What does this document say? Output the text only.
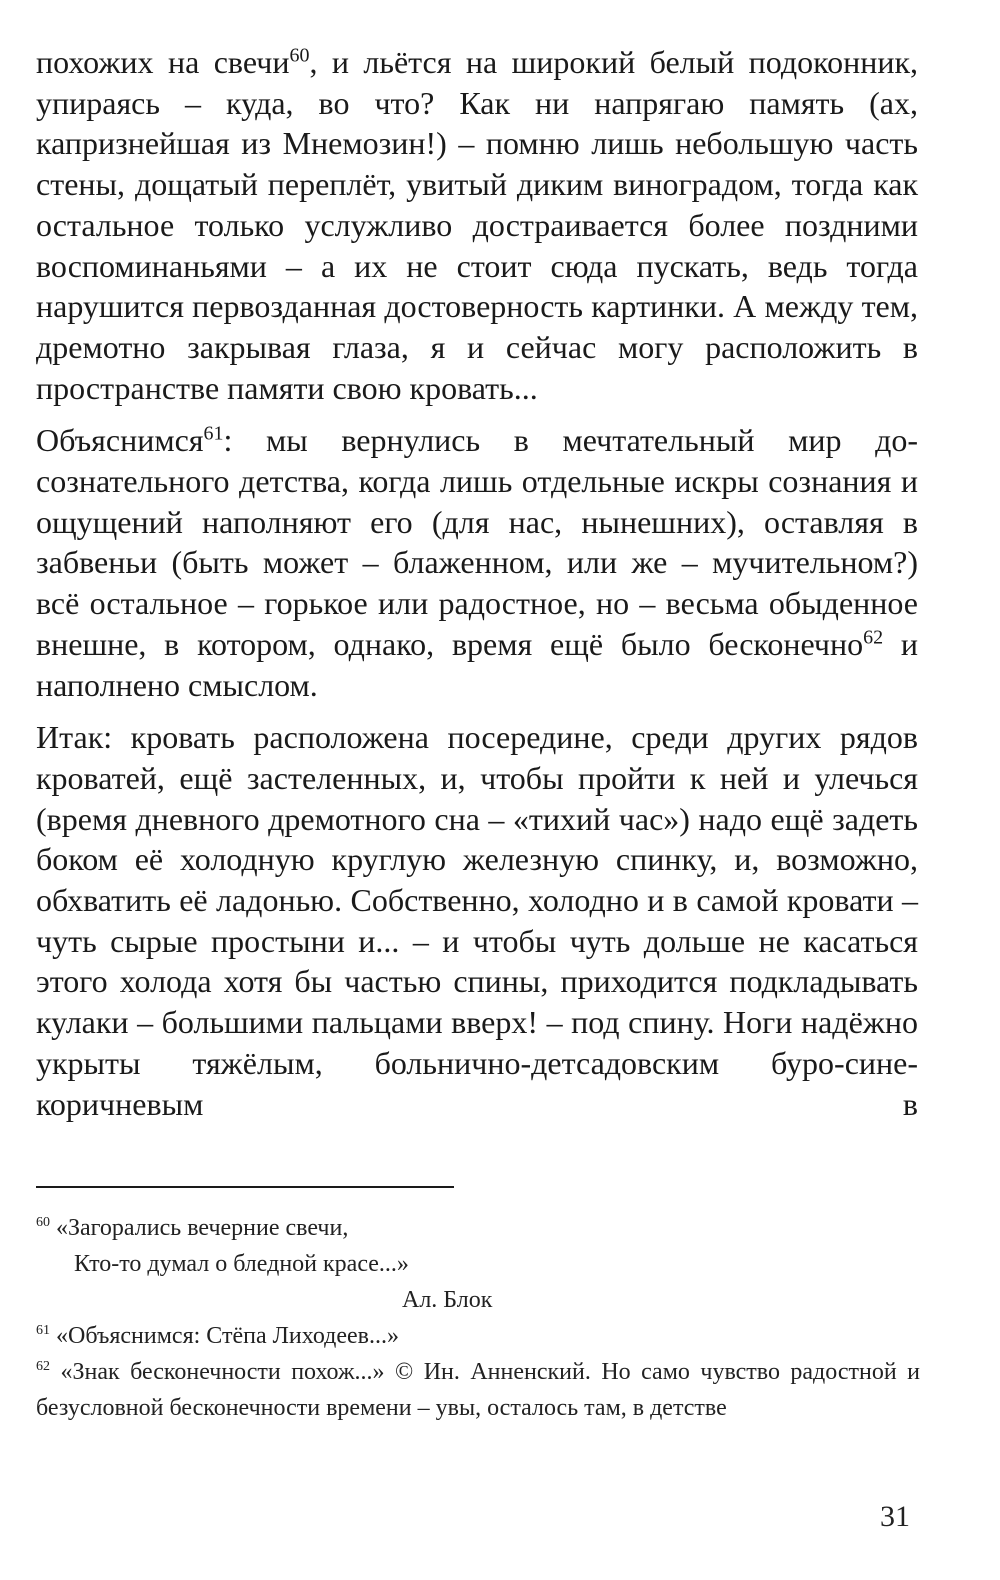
похожих на свечи$^{60}$, и льётся на широкий белый подоконник, упираясь – куда, во что? Как ни напрягаю память (ах, капризнейшая из Мнемозин!) – помню лишь небольшую часть стены, дощатый переплёт, увитый диким виноградом, тогда как остальное только услужливо достраивается более поздними воспоминаньями – а их не стоит сюда пускать, ведь тогда нарушится первозданная достоверность картинки. А между тем, дремотно закрывая глаза, я и сейчас могу расположить в пространстве памяти свою кровать...

Объяснимся$^{61}$: мы вернулись в мечтательный мир до-сознательного детства, когда лишь отдельные искры сознания и ощущений наполняют его (для нас, нынешних), оставляя в забвеньи (быть может – блаженном, или же – мучительном?) всё остальное – горькое или радостное, но – весьма обыденное внешне, в котором, однако, время ещё было бесконечно$^{62}$ и наполнено смыслом.

Итак: кровать расположена посередине, среди других рядов кроватей, ещё застеленных, и, чтобы пройти к ней и улечься (время дневного дремотного сна – «тихий час») надо ещё задеть боком её холодную круглую железную спинку, и, возможно, обхватить её ладонью. Собственно, холодно и в самой кровати – чуть сырые простыни и... – и чтобы чуть дольше не касаться этого холода хотя бы частью спины, приходится подкладывать кулаки – большими пальцами вверх! – под спину. Ноги надёжно укрыты тяжёлым, больнично-детсадовским буро-сине-коричневым в

$^{60}$ «Загорались вечерние свечи,
Кто-то думал о бледной красе...»
Ал. Блок
$^{61}$ «Объяснимся: Стёпа Лиходеев...»
$^{62}$ «Знак бесконечности похож...» © Ин. Анненский. Но само чувство радостной и безусловной бесконечности времени – увы, осталось там, в детстве
31
